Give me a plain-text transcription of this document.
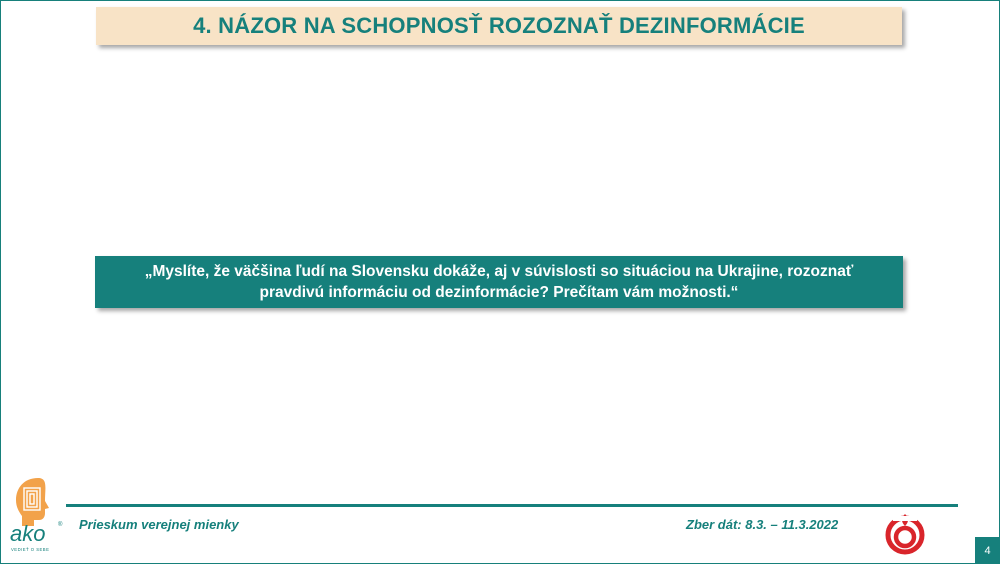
4. NÁZOR NA SCHOPNOSŤ ROZOZNAŤ DEZINFORMÁCIE
„Myslíte, že väčšina ľudí na Slovensku dokáže, aj v súvislosti so situáciou na Ukrajine, rozoznať pravdivú informáciu od dezinformácie? Prečítam vám možnosti.“
Prieskum verejnej mienky	Zber dát: 8.3. – 11.3.2022
ako ®
VEDIEŤ O SEBE	4
